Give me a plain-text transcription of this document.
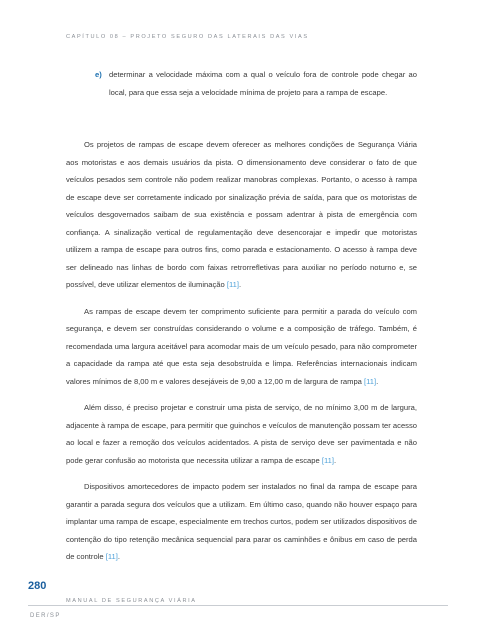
CAPÍTULO 08 – PROJETO SEGURO DAS LATERAIS DAS VIAS
e) determinar a velocidade máxima com a qual o veículo fora de controle pode chegar ao local, para que essa seja a velocidade mínima de projeto para a rampa de escape.

Os projetos de rampas de escape devem oferecer as melhores condições de Segurança Viária aos motoristas e aos demais usuários da pista. O dimensionamento deve considerar o fato de que veículos pesados sem controle não podem realizar manobras complexas. Portanto, o acesso à rampa de escape deve ser corretamente indicado por sinalização prévia de saída, para que os motoristas de veículos desgovernados saibam de sua existência e possam adentrar à pista de emergência com confiança. A sinalização vertical de regulamentação deve desencorajar e impedir que motoristas utilizem a rampa de escape para outros fins, como parada e estacionamento. O acesso à rampa deve ser delineado nas linhas de bordo com faixas retrorrefletivas para auxiliar no período noturno e, se possível, deve utilizar elementos de iluminação [11].

As rampas de escape devem ter comprimento suficiente para permitir a parada do veículo com segurança, e devem ser construídas considerando o volume e a composição de tráfego. Também, é recomendada uma largura aceitável para acomodar mais de um veículo pesado, para não comprometer a capacidade da rampa até que esta seja desobstruída e limpa. Referências internacionais indicam valores mínimos de 8,00 m e valores desejáveis de 9,00 a 12,00 m de largura de rampa [11].

Além disso, é preciso projetar e construir uma pista de serviço, de no mínimo 3,00 m de largura, adjacente à rampa de escape, para permitir que guinchos e veículos de manutenção possam ter acesso ao local e fazer a remoção dos veículos acidentados. A pista de serviço deve ser pavimentada e não pode gerar confusão ao motorista que necessita utilizar a rampa de escape [11].

Dispositivos amortecedores de impacto podem ser instalados no final da rampa de escape para garantir a parada segura dos veículos que a utilizam. Em último caso, quando não houver espaço para implantar uma rampa de escape, especialmente em trechos curtos, podem ser utilizados dispositivos de contenção do tipo retenção mecânica sequencial para parar os caminhões e ônibus em caso de perda de controle [11].

280
MANUAL DE SEGURANÇA VIÁRIA
DER/SP
